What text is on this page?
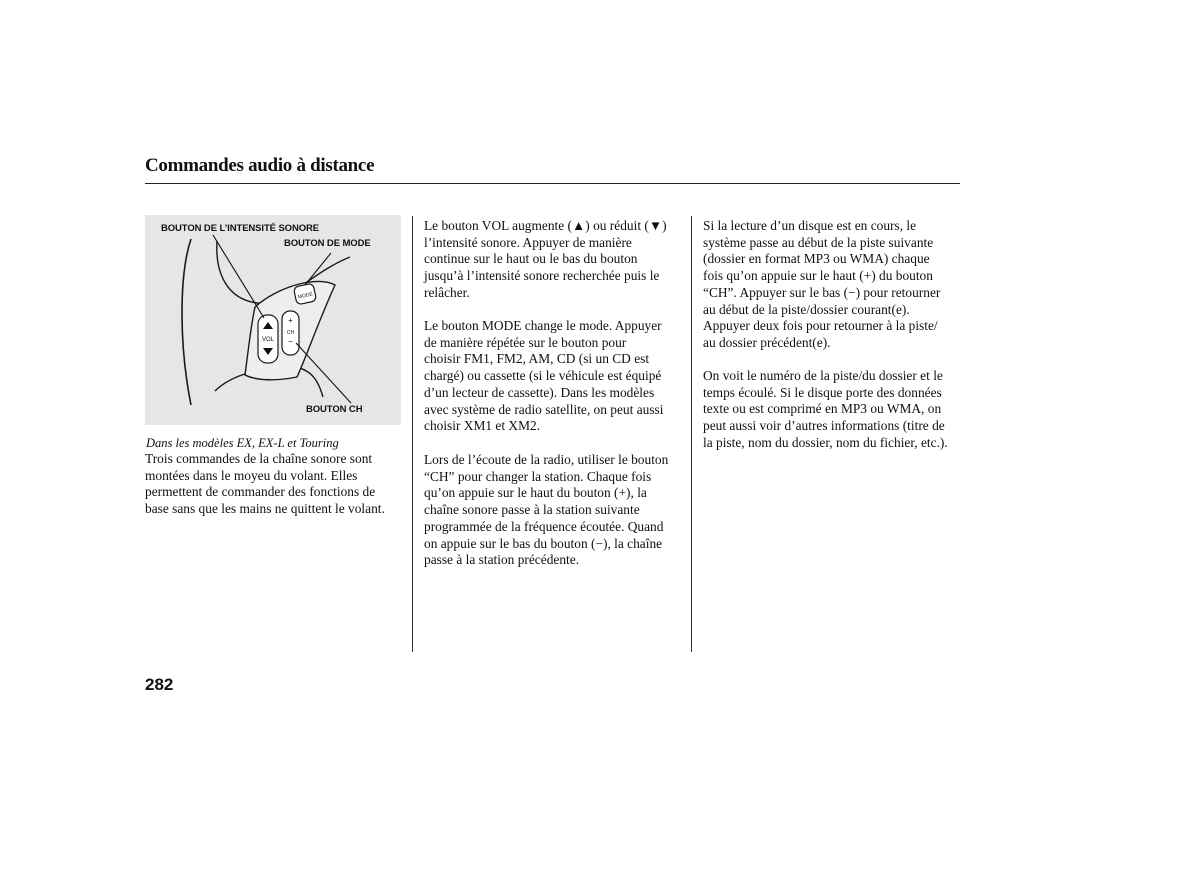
Commandes audio à distance
VOL
+
CH
−
MODE
BOUTON DE L’INTENSITÉ SONORE
BOUTON DE MODE
BOUTON CH
Dans les modèles EX, EX-L et Touring

Trois commandes de la chaîne sonore sont
montées dans le moyeu du volant. Elles
permettent de commander des fonctions de
base sans que les mains ne quittent le volant.

Le bouton VOL augmente (▲) ou réduit (▼)
l’intensité sonore. Appuyer de manière
continue sur le haut ou le bas du bouton
jusqu’à l’intensité sonore recherchée puis le
relâcher.

Le bouton MODE change le mode. Appuyer
de manière répétée sur le bouton pour
choisir FM1, FM2, AM, CD (si un CD est
chargé) ou cassette (si le véhicule est équipé
d’un lecteur de cassette). Dans les modèles
avec système de radio satellite, on peut aussi
choisir XM1 et XM2.

Lors de l’écoute de la radio, utiliser le bouton
“CH” pour changer la station. Chaque fois
qu’on appuie sur le haut du bouton (+), la
chaîne sonore passe à la station suivante
programmée de la fréquence écoutée. Quand
on appuie sur le bas du bouton (−), la chaîne
passe à la station précédente.

Si la lecture d’un disque est en cours, le
système passe au début de la piste suivante
(dossier en format MP3 ou WMA) chaque
fois qu’on appuie sur le haut (+) du bouton
“CH”. Appuyer sur le bas (−) pour retourner
au début de la piste/dossier courant(e).
Appuyer deux fois pour retourner à la piste/
au dossier précédent(e).

On voit le numéro de la piste/du dossier et le
temps écoulé. Si le disque porte des données
texte ou est comprimé en MP3 ou WMA, on
peut aussi voir d’autres informations (titre de
la piste, nom du dossier, nom du fichier, etc.).

282
